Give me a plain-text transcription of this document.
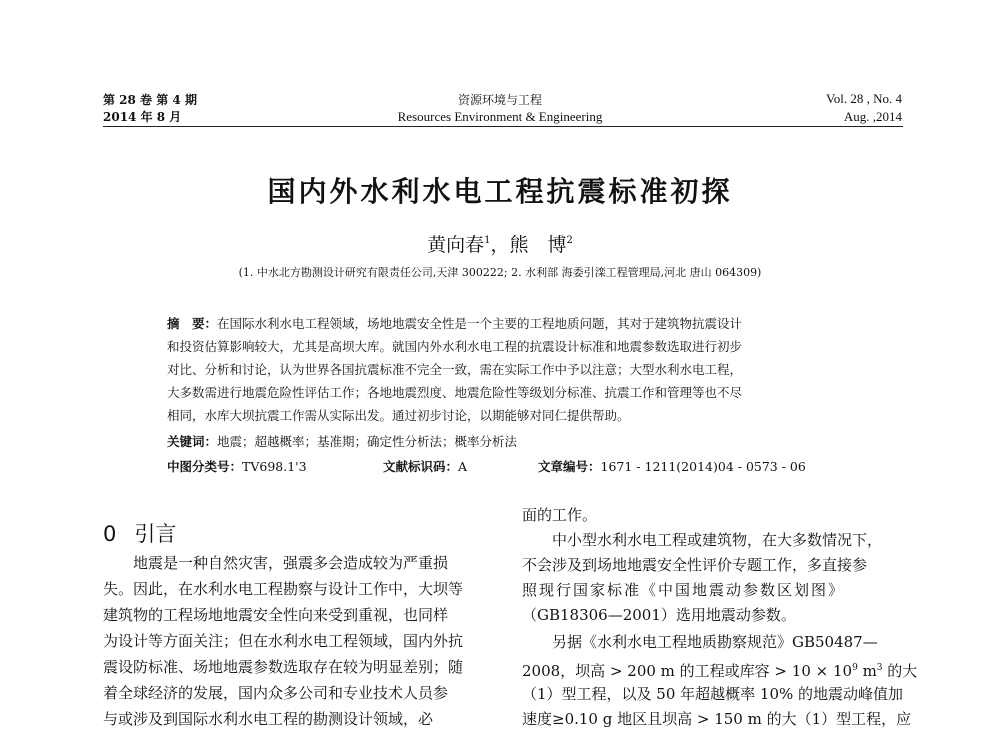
第 28 卷 第 4 期
2014 年 8 月
资源环境与工程
Resources Environment & Engineering
Vol. 28 , No. 4
Aug. ,2014
国内外水利水电工程抗震标准初探
黄向春$^1$，熊　博$^2$
(1. 中水北方勘测设计研究有限责任公司,天津 300222; 2. 水利部 海委引滦工程管理局,河北 唐山 064309)
摘　要：在国际水利水电工程领域，场地地震安全性是一个主要的工程地质问题，其对于建筑物抗震设计
和投资估算影响较大，尤其是高坝大库。就国内外水利水电工程的抗震设计标准和地震参数选取进行初步
对比、分析和讨论，认为世界各国抗震标准不完全一致，需在实际工作中予以注意；大型水利水电工程，
大多数需进行地震危险性评估工作；各地地震烈度、地震危险性等级划分标准、抗震工作和管理等也不尽
相同，水库大坝抗震工作需从实际出发。通过初步讨论，以期能够对同仁提供帮助。
关键词：地震；超越概率；基准期；确定性分析法；概率分析法
中图分类号：TV698.1'3	文献标识码：A	文章编号：1671 - 1211(2014)04 - 0573 - 06
0 引言
　　地震是一种自然灾害，强震多会造成较为严重损
失。因此，在水利水电工程勘察与设计工作中，大坝等
建筑物的工程场地地震安全性向来受到重视，也同样
为设计等方面关注；但在水利水电工程领域，国内外抗
震设防标准、场地地震参数选取存在较为明显差别；随
着全球经济的发展，国内众多公司和专业技术人员参
与或涉及到国际水利水电工程的勘测设计领域，必
面的工作。
　　中小型水利水电工程或建筑物，在大多数情况下，
不会涉及到场地地震安全性评价专题工作，多直接参
照现行国家标准《中国地震动参数区划图》
（GB18306—2001）选用地震动参数。
　　另据《水利水电工程地质勘察规范》GB50487—
2008，坝高 > 200 m 的工程或库容 > $10 \times 10^9$ $m^3$ 的大
（1）型工程，以及 50 年超越概率 10% 的地震动峰值加
速度≥0.10 g 地区且坝高 > 150 m 的大（1）型工程，应
